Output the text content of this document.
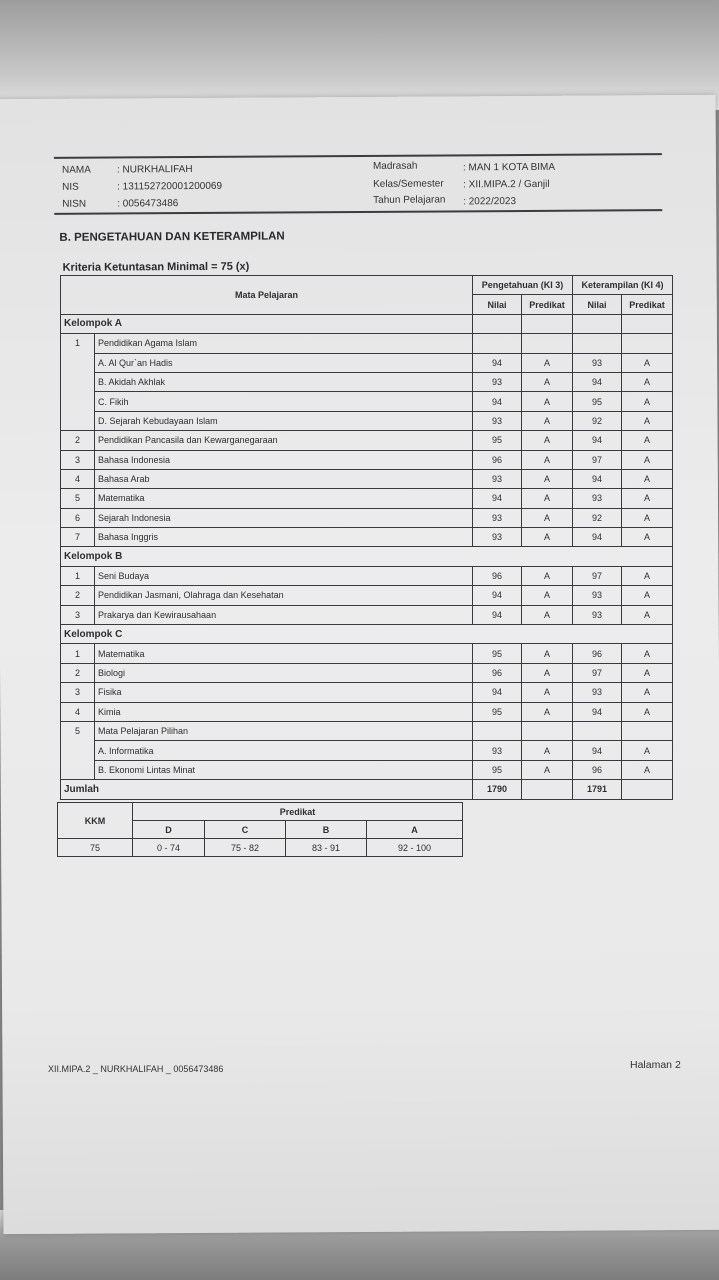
NAMA	: NURKHALIFAH
NIS	: 131152720001200069
NISN	: 0056473486
Madrasah	: MAN 1 KOTA BIMA
Kelas/Semester : XII.MIPA.2 / Ganjil
Tahun Pelajaran : 2022/2023
B. PENGETAHUAN DAN KETERAMPILAN
Kriteria Ketuntasan Minimal = 75 (x)
Mata Pelajaran		Pengetahuan (KI 3)		Keterampilan (KI 4)	
		Nilai	Predikat	Nilai	Predikat
Kelompok A					
1	Pendidikan Agama Islam				
	A. Al Qur`an Hadis	94	A	93	A
	B. Akidah Akhlak	93	A	94	A
	C. Fikih	94	A	95	A
	D. Sejarah Kebudayaan Islam	93	A	92	A
2	Pendidikan Pancasila dan Kewarganegaraan	95	A	94	A
3	Bahasa Indonesia	96	A	97	A
4	Bahasa Arab	93	A	94	A
5	Matematika	94	A	93	A
6	Sejarah Indonesia	93	A	92	A
7	Bahasa Inggris	93	A	94	A
Kelompok B					
1	Seni Budaya	96	A	97	A
2	Pendidikan Jasmani, Olahraga dan Kesehatan	94	A	93	A
3	Prakarya dan Kewirausahaan	94	A	93	A
Kelompok C					
1	Matematika	95	A	96	A
2	Biologi	96	A	97	A
3	Fisika	94	A	93	A
4	Kimia	95	A	94	A
5	Mata Pelajaran Pilihan				
	A. Informatika	93	A	94	A
	B. Ekonomi Lintas Minat	95	A	96	A
Jumlah		1790		1791	
KKM	Predikat			
	D	C	B	A
75	0 - 74	75 - 82	83 - 91	92 - 100
XII.MIPA.2 _ NURKHALIFAH _ 0056473486	Halaman 2
